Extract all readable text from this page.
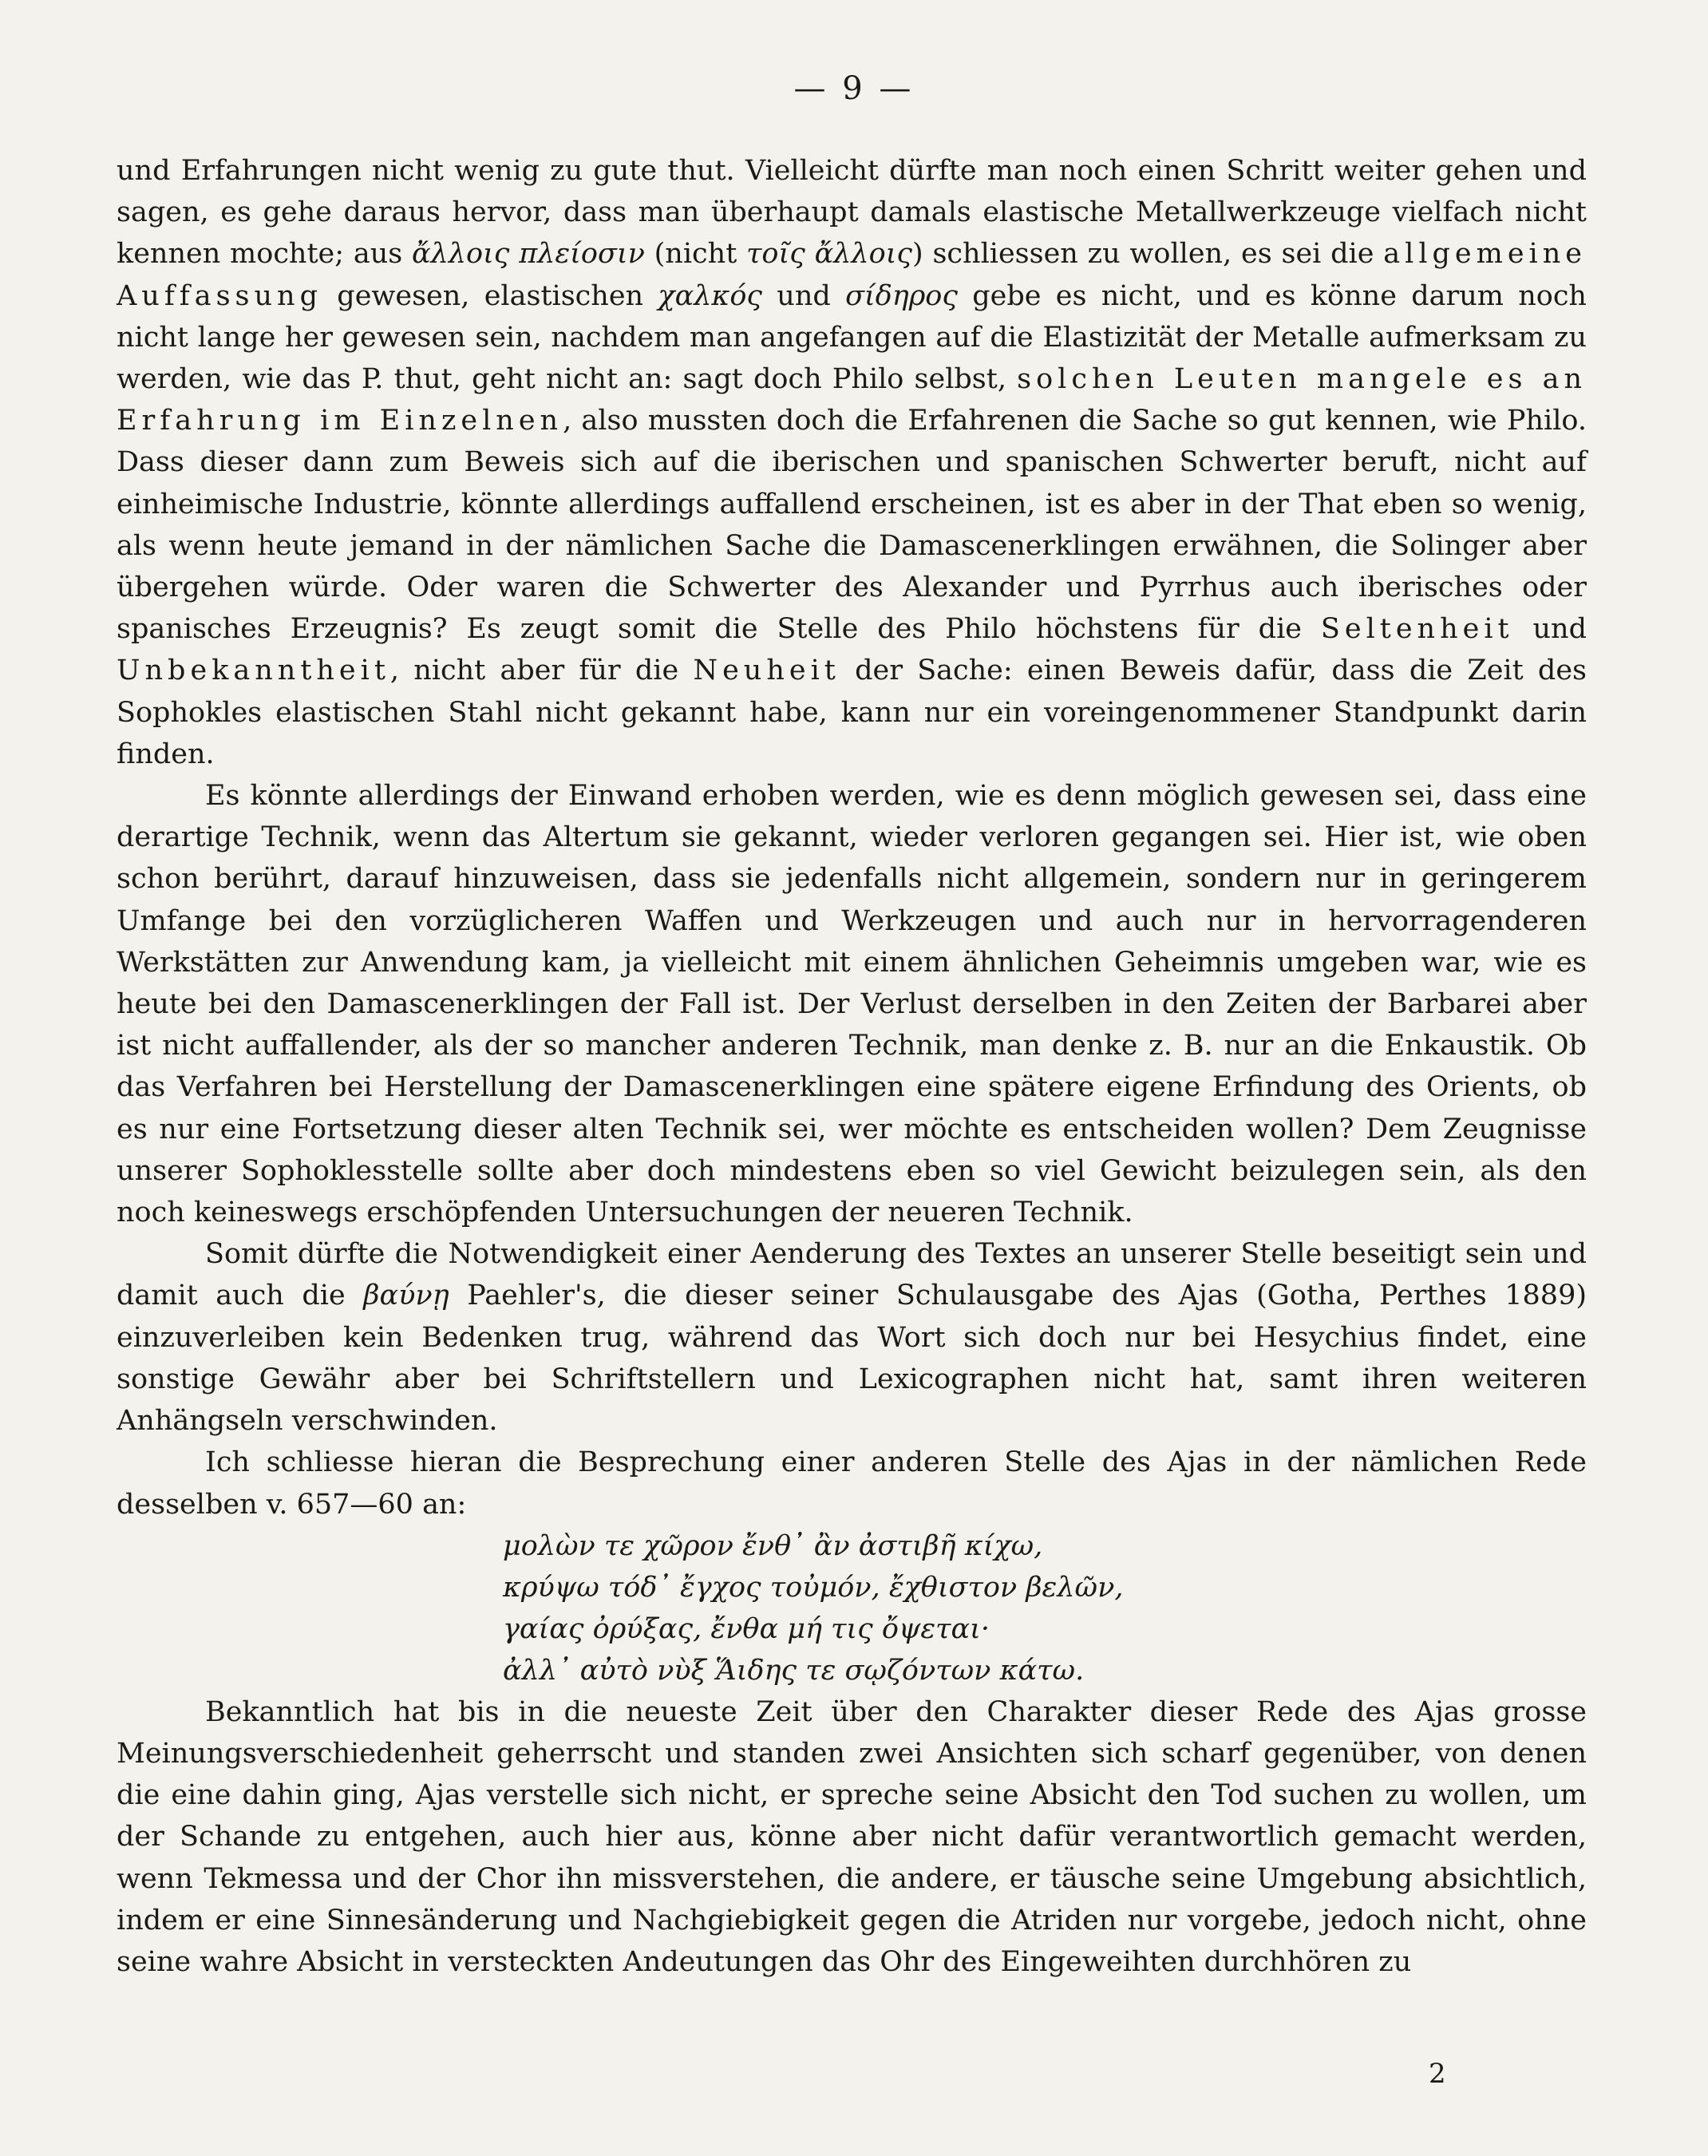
— 9 —

und Erfahrungen nicht wenig zu gute thut. Vielleicht dürfte man noch einen Schritt weiter gehen und sagen, es gehe daraus hervor, dass man überhaupt damals elastische Metallwerkzeuge vielfach nicht kennen mochte; aus ἄλλοις πλείοσιν (nicht τοῖς ἄλλοις) schliessen zu wollen, es sei die allgemeine Auffassung gewesen, elastischen χαλκός und σίδηρος gebe es nicht, und es könne darum noch nicht lange her gewesen sein, nachdem man angefangen auf die Elastizität der Metalle aufmerksam zu werden, wie das P. thut, geht nicht an: sagt doch Philo selbst, solchen Leuten mangele es an Erfahrung im Einzelnen, also mussten doch die Erfahrenen die Sache so gut kennen, wie Philo. Dass dieser dann zum Beweis sich auf die iberischen und spanischen Schwerter beruft, nicht auf einheimische Industrie, könnte allerdings auffallend erscheinen, ist es aber in der That eben so wenig, als wenn heute jemand in der nämlichen Sache die Damascenerklingen erwähnen, die Solinger aber übergehen würde. Oder waren die Schwerter des Alexander und Pyrrhus auch iberisches oder spanisches Erzeugnis? Es zeugt somit die Stelle des Philo höchstens für die Seltenheit und Unbekanntheit, nicht aber für die Neuheit der Sache: einen Beweis dafür, dass die Zeit des Sophokles elastischen Stahl nicht gekannt habe, kann nur ein voreingenommener Standpunkt darin finden.

Es könnte allerdings der Einwand erhoben werden, wie es denn möglich gewesen sei, dass eine derartige Technik, wenn das Altertum sie gekannt, wieder verloren gegangen sei. Hier ist, wie oben schon berührt, darauf hinzuweisen, dass sie jedenfalls nicht allgemein, sondern nur in geringerem Umfange bei den vorzüglicheren Waffen und Werkzeugen und auch nur in hervorragenderen Werkstätten zur Anwendung kam, ja vielleicht mit einem ähnlichen Geheimnis umgeben war, wie es heute bei den Damascenerklingen der Fall ist. Der Verlust derselben in den Zeiten der Barbarei aber ist nicht auffallender, als der so mancher anderen Technik, man denke z. B. nur an die Enkaustik. Ob das Verfahren bei Herstellung der Damascenerklingen eine spätere eigene Erfindung des Orients, ob es nur eine Fortsetzung dieser alten Technik sei, wer möchte es entscheiden wollen? Dem Zeugnisse unserer Sophoklesstelle sollte aber doch mindestens eben so viel Gewicht beizulegen sein, als den noch keineswegs erschöpfenden Untersuchungen der neueren Technik.

Somit dürfte die Notwendigkeit einer Aenderung des Textes an unserer Stelle beseitigt sein und damit auch die βαύνῃ Paehler's, die dieser seiner Schulausgabe des Ajas (Gotha, Perthes 1889) einzuverleiben kein Bedenken trug, während das Wort sich doch nur bei Hesychius findet, eine sonstige Gewähr aber bei Schriftstellern und Lexicographen nicht hat, samt ihren weiteren Anhängseln verschwinden.

Ich schliesse hieran die Besprechung einer anderen Stelle des Ajas in der nämlichen Rede desselben v. 657—60 an:

μολὼν τε χῶρον ἔνθ᾽ ἂν ἀστιβῆ κίχω,
κρύψω τόδ᾽ ἔγχος τοὐμόν, ἔχθιστον βελῶν,
γαίας ὀρύξας, ἔνθα μή τις ὄψεται·
ἀλλ᾽ αὐτὸ νὺξ Ἅιδης τε σῳζόντων κάτω.

Bekanntlich hat bis in die neueste Zeit über den Charakter dieser Rede des Ajas grosse Meinungsverschiedenheit geherrscht und standen zwei Ansichten sich scharf gegenüber, von denen die eine dahin ging, Ajas verstelle sich nicht, er spreche seine Absicht den Tod suchen zu wollen, um der Schande zu entgehen, auch hier aus, könne aber nicht dafür verantwortlich gemacht werden, wenn Tekmessa und der Chor ihn missverstehen, die andere, er täusche seine Umgebung absichtlich, indem er eine Sinnesänderung und Nachgiebigkeit gegen die Atriden nur vorgebe, jedoch nicht, ohne seine wahre Absicht in versteckten Andeutungen das Ohr des Eingeweihten durchhören zu

2
